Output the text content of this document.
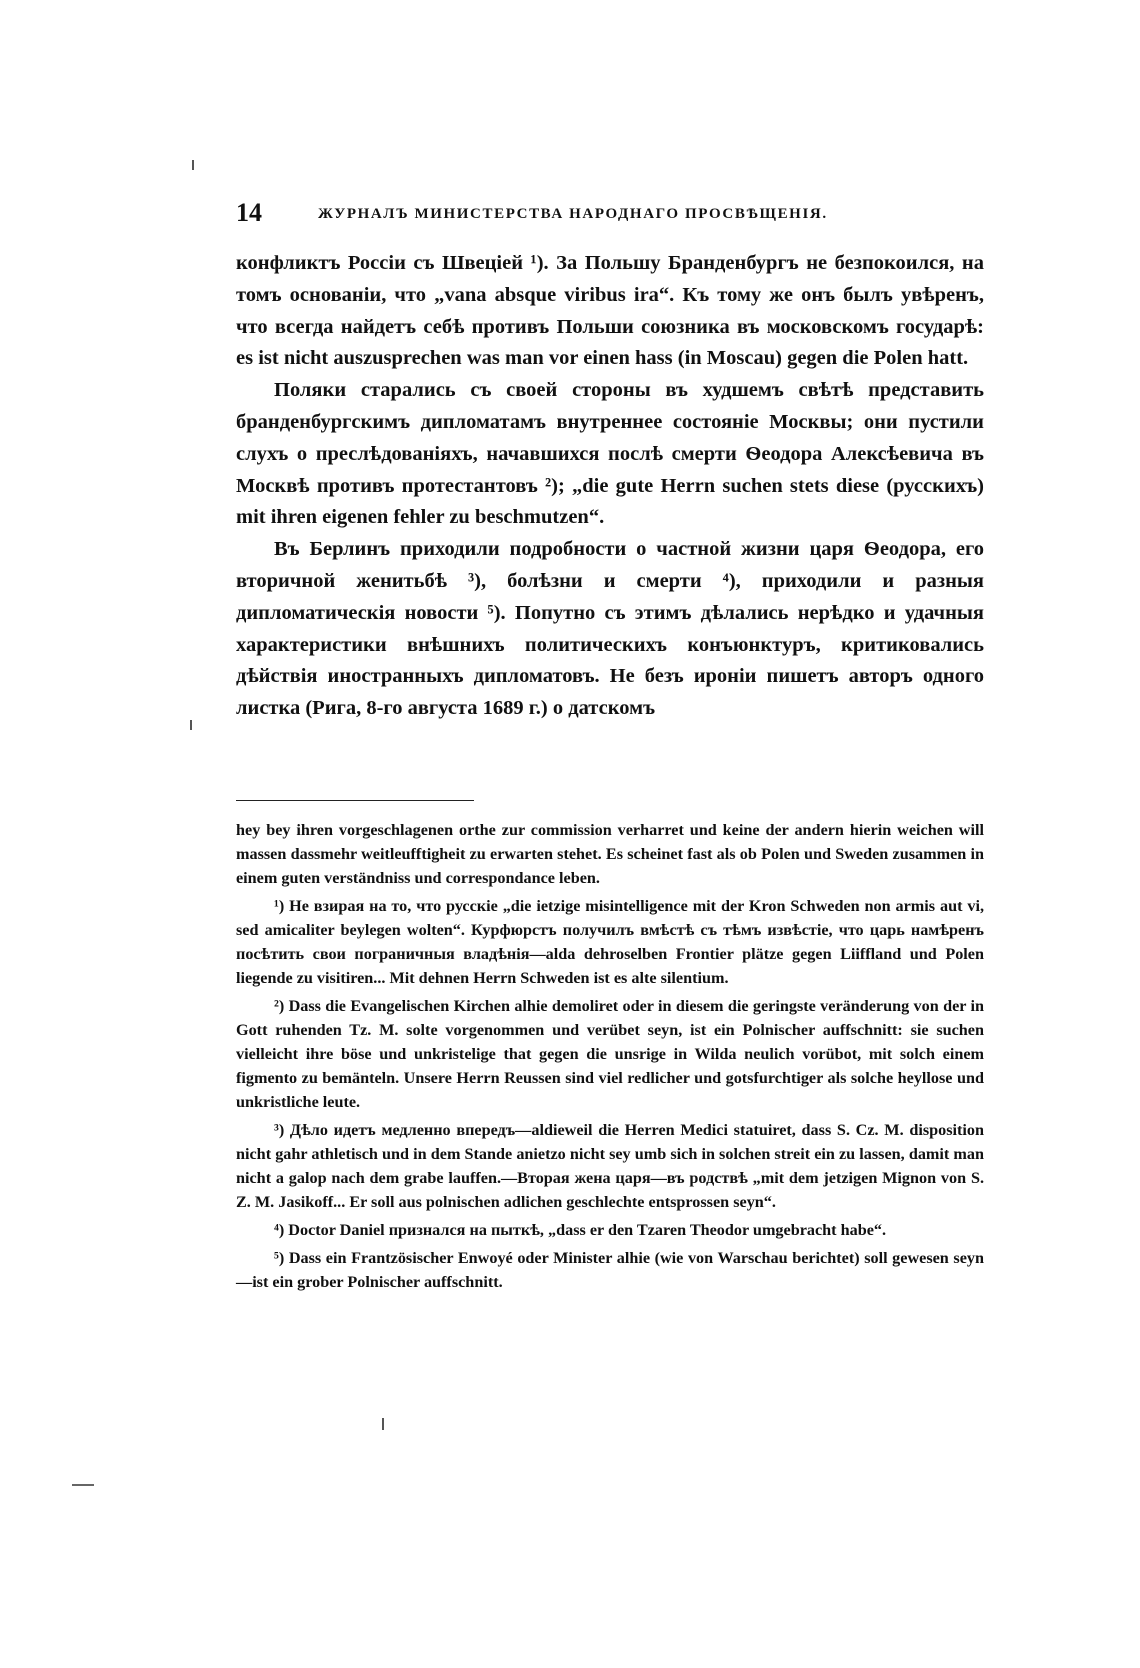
14	ЖУРНАЛЪ МИНИСТЕРСТВА НАРОДНАГО ПРОСВѢЩЕНІЯ.

конфликтъ Россіи съ Швеціей ¹). За Польшу Бранденбургъ не безпокоился, на томъ основаніи, что „vana absque viribus ira“. Къ тому же онъ былъ увѣренъ, что всегда найдетъ себѣ противъ Польши союзника въ московскомъ государѣ: es ist nicht auszusprechen was man vor einen hass (in Moscau) gegen die Polen hatt.

Поляки старались съ своей стороны въ худшемъ свѣтѣ представить бранденбургскимъ дипломатамъ внутреннее состояніе Москвы; они пустили слухъ о преслѣдованіяхъ, начавшихся послѣ смерти Ѳеодора Алексѣевича въ Москвѣ противъ протестантовъ ²); „die gute Herrn suchen stets diese (русскихъ) mit ihren eigenen fehler zu beschmutzen“.

Въ Берлинъ приходили подробности о частной жизни царя Ѳеодора, его вторичной женитьбѣ ³), болѣзни и смерти ⁴), приходили и разныя дипломатическія новости ⁵). Попутно съ этимъ дѣлались нерѣдко и удачныя характеристики внѣшнихъ политическихъ конъюнктуръ, критиковались дѣйствія иностранныхъ дипломатовъ. Не безъ ироніи пишетъ авторъ одного листка (Рига, 8-го августа 1689 г.) о датскомъ

hey bey ihren vorgeschlagenen orthe zur commission verharret und keine der andern hierin weichen will massen dassmehr weitleufftigheit zu erwarten stehet. Es scheinet fast als ob Polen und Sweden zusammen in einem guten verständniss und correspondance leben.

¹) Не взирая на то, что русскіе „die ietzige misintelligence mit der Kron Schweden non armis aut vi, sed amicaliter beylegen wolten“. Курфюрстъ получилъ вмѣстѣ съ тѣмъ извѣстіе, что царь намѣренъ посѣтить свои пограничныя владѣнія—alda dehroselben Frontier plätze gegen Liiffland und Polen liegende zu visitiren... Mit dehnen Herrn Schweden ist es alte silentium.

²) Dass die Evangelischen Kirchen alhie demoliret oder in diesem die geringste veränderung von der in Gott ruhenden Tz. M. solte vorgenommen und verübet seyn, ist ein Polnischer auffschnitt: sie suchen vielleicht ihre böse und unkristelige that gegen die unsrige in Wilda neulich vorübot, mit solch einem figmento zu bemänteln. Unsere Herrn Reussen sind viel redlicher und gotsfurchtiger als solche heyllose und unkristliche leute.

³) Дѣло идетъ медленно впередъ—aldieweil die Herren Medici statuiret, dass S. Cz. M. disposition nicht gahr athletisch und in dem Stande anietzo nicht sey umb sich in solchen streit ein zu lassen, damit man nicht a galop nach dem grabe lauffen.—Вторая жена царя—въ родствѣ „mit dem jetzigen Mignon von S. Z. M. Jasikoff... Er soll aus polnischen adlichen geschlechte entsprossen seyn“.

⁴) Doctor Daniel признался на пыткѣ, „dass er den Tzaren Theodor umgebracht habe“.

⁵) Dass ein Frantzösischer Enwoyé oder Minister alhie (wie von Warschau berichtet) soll gewesen seyn—ist ein grober Polnischer auffschnitt.
